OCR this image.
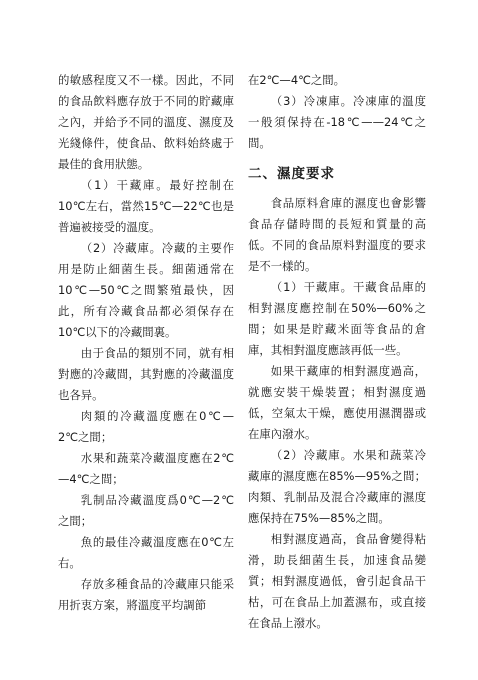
的敏感程度又不一樣。因此，不同的食品飲料應存放于不同的貯藏庫之內，并給予不同的溫度、濕度及光綫條件，使食品、飲料始終處于最佳的食用狀態。

（1）干藏庫。最好控制在10℃左右，當然15℃—22℃也是普遍被接受的溫度。

（2）冷藏庫。冷藏的主要作用是防止細菌生長。細菌通常在10℃—50℃之間繁殖最快，因此，所有冷藏食品都必須保存在10℃以下的冷藏間裏。

由于食品的類別不同，就有相對應的冷藏間，其對應的冷藏溫度也各异。

肉類的冷藏溫度應在0℃—2℃之間；

水果和蔬菜冷藏溫度應在2℃—4℃之間；

乳制品冷藏溫度爲0℃—2℃之間；

魚的最佳冷藏溫度應在0℃左右。

存放多種食品的冷藏庫只能采用折衷方案，將溫度平均調節

在2℃—4℃之間。

（3）冷凍庫。冷凍庫的溫度一般須保持在-18℃——24℃之間。

二、濕度要求

食品原料倉庫的濕度也會影響食品存儲時間的長短和質量的高低。不同的食品原料對溫度的要求是不一樣的。

（1）干藏庫。干藏食品庫的相對濕度應控制在50%—60%之間；如果是貯藏米面等食品的倉庫，其相對溫度應該再低一些。

如果干藏庫的相對濕度過高，就應安裝干燥裝置；相對濕度過低，空氣太干燥，應使用濕潤器或在庫內潑水。

（2）冷藏庫。水果和蔬菜冷藏庫的濕度應在85%—95%之間；肉類、乳制品及混合冷藏庫的濕度應保持在75%—85%之間。

相對濕度過高，食品會變得粘滑，助長細菌生長，加速食品變質；相對濕度過低，會引起食品干枯，可在食品上加蓋濕布，或直接在食品上潑水。
